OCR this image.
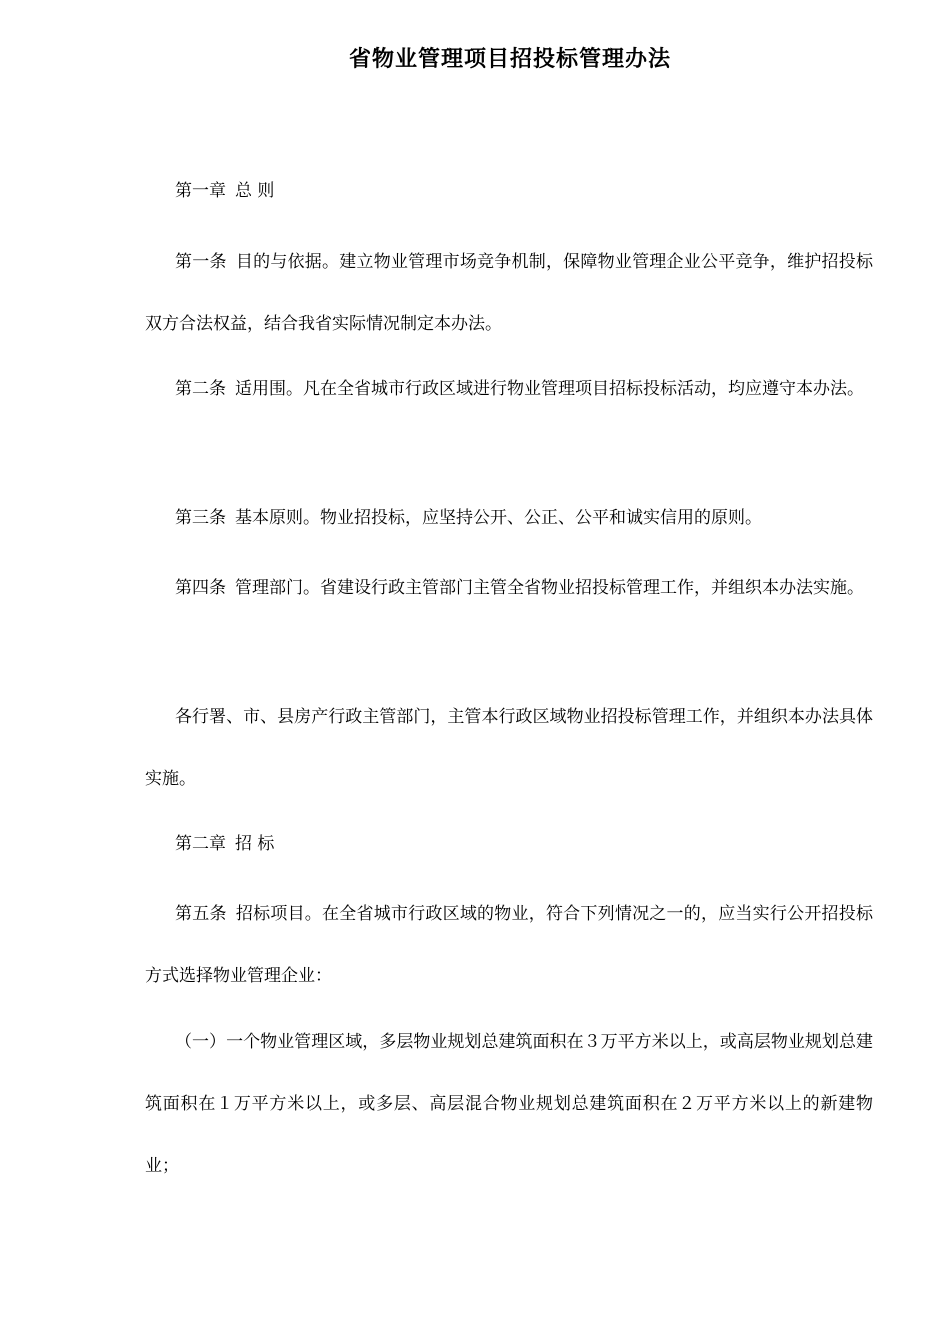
省物业管理项目招投标管理办法

第一章 总 则

第一条 目的与依据。建立物业管理市场竞争机制，保障物业管理企业公平竞争，维护招投标双方合法权益，结合我省实际情况制定本办法。

第二条 适用围。凡在全省城市行政区域进行物业管理项目招标投标活动，均应遵守本办法。

第三条 基本原则。物业招投标，应坚持公开、公正、公平和诚实信用的原则。

第四条 管理部门。省建设行政主管部门主管全省物业招投标管理工作，并组织本办法实施。

各行署、市、县房产行政主管部门，主管本行政区域物业招投标管理工作，并组织本办法具体实施。

第二章 招 标

第五条 招标项目。在全省城市行政区域的物业，符合下列情况之一的，应当实行公开招投标方式选择物业管理企业：

（一）一个物业管理区域，多层物业规划总建筑面积在３万平方米以上，或高层物业规划总建筑面积在１万平方米以上，或多层、高层混合物业规划总建筑面积在２万平方米以上的新建物业；
